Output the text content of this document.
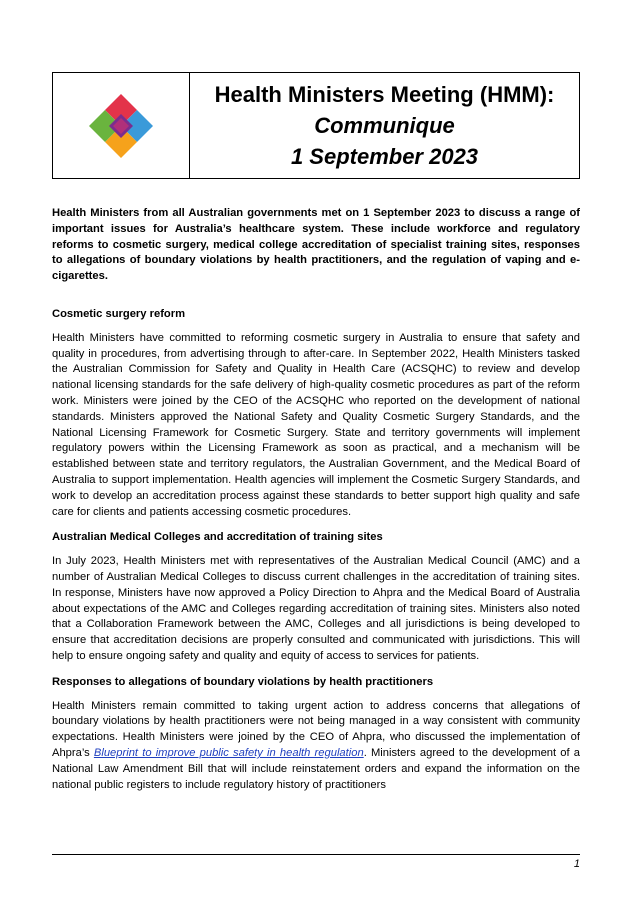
Health Ministers Meeting (HMM):
Communique
1 September 2023

Health Ministers from all Australian governments met on 1 September 2023 to discuss a range of important issues for Australia’s healthcare system. These include workforce and regulatory reforms to cosmetic surgery, medical college accreditation of specialist training sites, responses to allegations of boundary violations by health practitioners, and the regulation of vaping and e-cigarettes.

Cosmetic surgery reform

Health Ministers have committed to reforming cosmetic surgery in Australia to ensure that safety and quality in procedures, from advertising through to after-care. In September 2022, Health Ministers tasked the Australian Commission for Safety and Quality in Health Care (ACSQHC) to review and develop national licensing standards for the safe delivery of high-quality cosmetic procedures as part of the reform work. Ministers were joined by the CEO of the ACSQHC who reported on the development of national standards. Ministers approved the National Safety and Quality Cosmetic Surgery Standards, and the National Licensing Framework for Cosmetic Surgery. State and territory governments will implement regulatory powers within the Licensing Framework as soon as practical, and a mechanism will be established between state and territory regulators, the Australian Government, and the Medical Board of Australia to support implementation. Health agencies will implement the Cosmetic Surgery Standards, and work to develop an accreditation process against these standards to better support high quality and safe care for clients and patients accessing cosmetic procedures.

Australian Medical Colleges and accreditation of training sites

In July 2023, Health Ministers met with representatives of the Australian Medical Council (AMC) and a number of Australian Medical Colleges to discuss current challenges in the accreditation of training sites. In response, Ministers have now approved a Policy Direction to Ahpra and the Medical Board of Australia about expectations of the AMC and Colleges regarding accreditation of training sites. Ministers also noted that a Collaboration Framework between the AMC, Colleges and all jurisdictions is being developed to ensure that accreditation decisions are properly consulted and communicated with jurisdictions. This will help to ensure ongoing safety and quality and equity of access to services for patients.

Responses to allegations of boundary violations by health practitioners

Health Ministers remain committed to taking urgent action to address concerns that allegations of boundary violations by health practitioners were not being managed in a way consistent with community expectations. Health Ministers were joined by the CEO of Ahpra, who discussed the implementation of Ahpra’s Blueprint to improve public safety in health regulation. Ministers agreed to the development of a National Law Amendment Bill that will include reinstatement orders and expand the information on the national public registers to include regulatory history of practitioners

1
